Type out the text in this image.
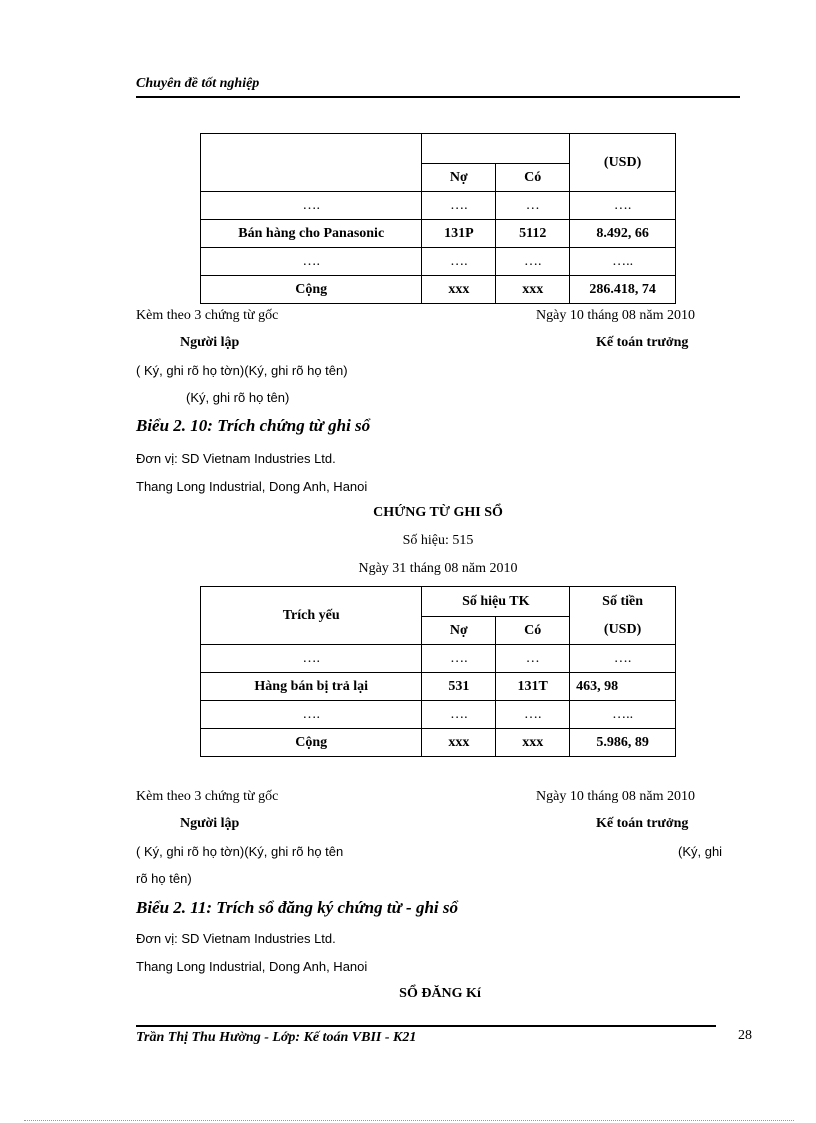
Chuyên đề tốt nghiệp
			(USD)
	Nợ	Có	
….	….	…	….
Bán hàng cho Panasonic	131P	5112	8.492, 66
….	….	….	…..
Cộng	xxx	xxx	286.418, 74
Kèm theo 3 chứng từ gốc	Ngày 10 tháng 08 năm 2010
Người lập	Kế toán trưởng
( Ký, ghi rõ họ tờn)(Ký, ghi rõ họ tên)
(Ký, ghi rõ họ tên)
Biểu 2. 10: Trích chứng từ ghi sổ
Đơn vị: SD Vietnam Industries Ltd.
Thang Long Industrial, Dong Anh, Hanoi
CHỨNG TỪ GHI SỔ
Số hiệu: 515
Ngày 31 tháng 08 năm 2010
Trích yếu	Số hiệu TK		Số tiền
	Nợ	Có	(USD)
….	….	…	….
Hàng bán bị trả lại	531	131T	463, 98
….	….	….	…..
Cộng	xxx	xxx	5.986, 89
Kèm theo 3 chứng từ gốc	Ngày 10 tháng 08 năm 2010
Người lập	Kế toán trưởng
( Ký, ghi rõ họ tờn)(Ký, ghi rõ họ tên	(Ký, ghi
rõ họ tên)
Biểu 2. 11: Trích sổ đăng ký chứng từ - ghi sổ
Đơn vị: SD Vietnam Industries Ltd.
Thang Long Industrial, Dong Anh, Hanoi
SỔ ĐĂNG Kí
Trần Thị Thu Hường - Lớp: Kế toán VBII - K21	28
